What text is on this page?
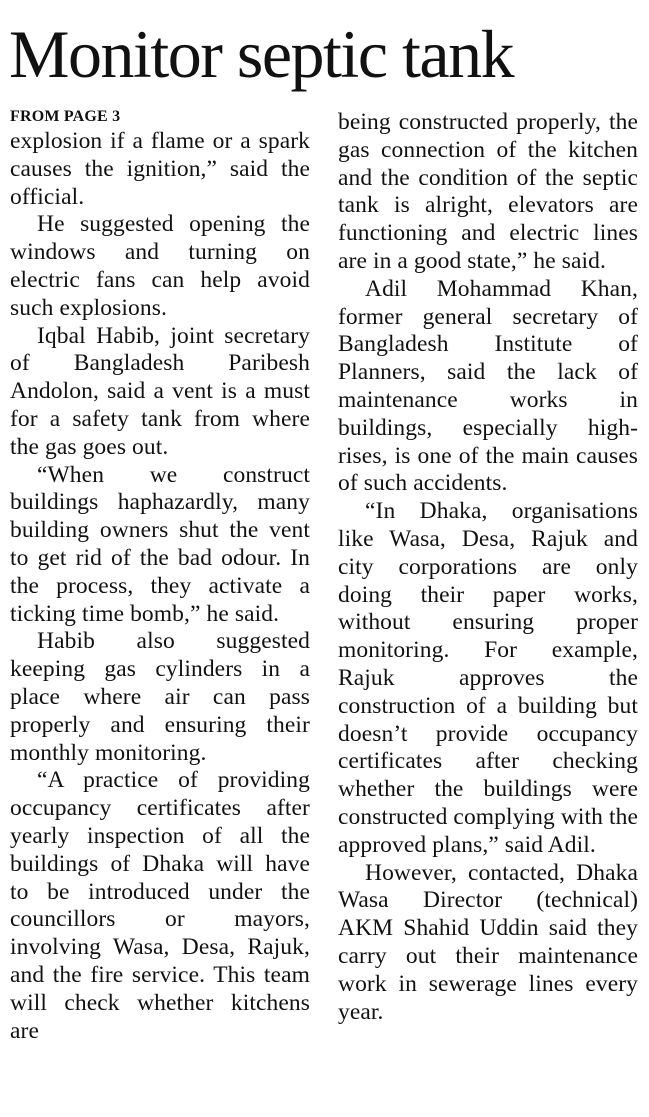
Monitor septic tank
FROM PAGE 3

explosion if a flame or a spark causes the ignition,” said the official.

He suggested opening the windows and turning on electric fans can help avoid such explosions.

Iqbal Habib, joint secretary of Bangladesh Paribesh Andolon, said a vent is a must for a safety tank from where the gas goes out.

“When we construct buildings haphazardly, many building owners shut the vent to get rid of the bad odour. In the process, they activate a ticking time bomb,” he said.

Habib also suggested keeping gas cylinders in a place where air can pass properly and ensuring their monthly monitoring.

“A practice of providing occupancy certificates after yearly inspection of all the buildings of Dhaka will have to be introduced under the councillors or mayors, involving Wasa, Desa, Rajuk, and the fire service. This team will check whether kitchens are

being constructed properly, the gas connection of the kitchen and the condition of the septic tank is alright, elevators are functioning and electric lines are in a good state,” he said.

Adil Mohammad Khan, former general secretary of Bangladesh Institute of Planners, said the lack of maintenance works in buildings, especially high-rises, is one of the main causes of such accidents.

“In Dhaka, organisations like Wasa, Desa, Rajuk and city corporations are only doing their paper works, without ensuring proper monitoring. For example, Rajuk approves the construction of a building but doesn’t provide occupancy certificates after checking whether the buildings were constructed complying with the approved plans,” said Adil.

However, contacted, Dhaka Wasa Director (technical) AKM Shahid Uddin said they carry out their maintenance work in sewerage lines every year.
